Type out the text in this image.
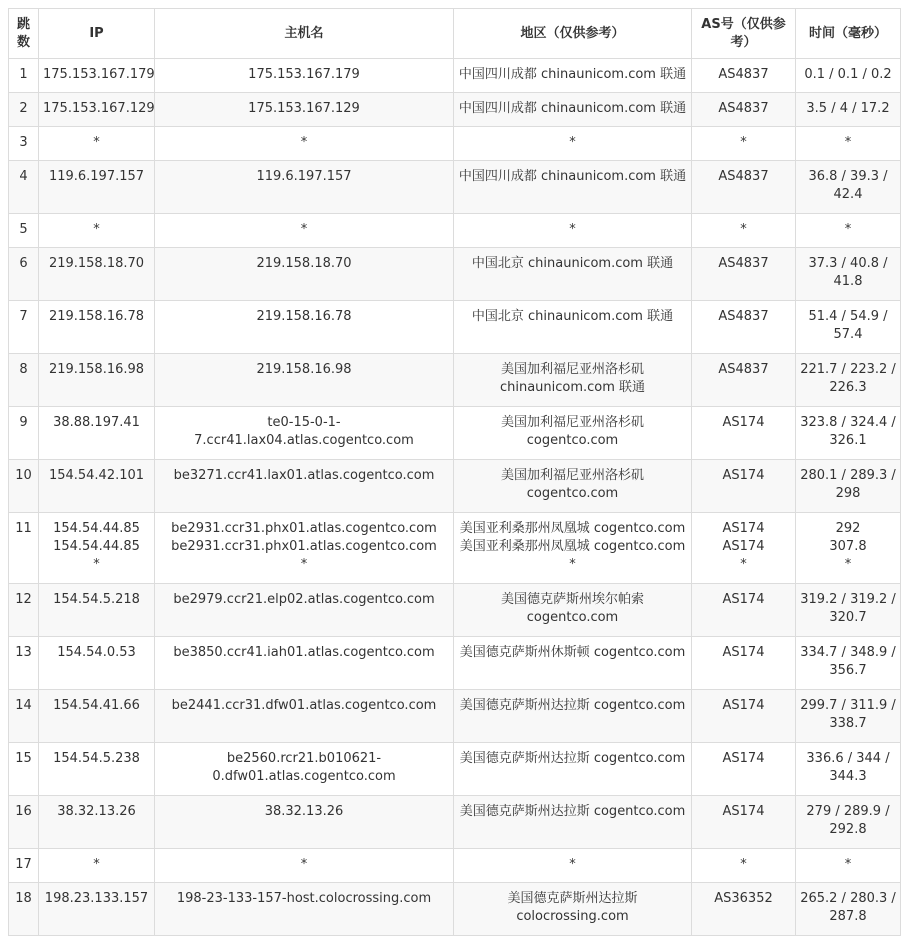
跳数	IP	主机名	地区（仅供参考）	AS号（仅供参考）	时间（毫秒）
1	175.153.167.179	175.153.167.179	中国四川成都 chinaunicom.com 联通	AS4837	0.1 / 0.1 / 0.2

2	175.153.167.129	175.153.167.129	中国四川成都 chinaunicom.com 联通	AS4837	3.5 / 4 / 17.2

3	*	*	*	*	*

4	119.6.197.157	119.6.197.157	中国四川成都 chinaunicom.com 联通	AS4837	36.8 / 39.3 /
42.4

5	*	*	*	*	*

6	219.158.18.70	219.158.18.70	中国北京 chinaunicom.com 联通	AS4837	37.3 / 40.8 /
41.8

7	219.158.16.78	219.158.16.78	中国北京 chinaunicom.com 联通	AS4837	51.4 / 54.9 /
57.4

8	219.158.16.98	219.158.16.98	美国加利福尼亚州洛杉矶
chinaunicom.com 联通	AS4837	221.7 / 223.2 /
226.3

9	38.88.197.41	te0-15-0-1-7.ccr41.lax04.atlas.cogentco.com	美国加利福尼亚州洛杉矶
cogentco.com	AS174	323.8 / 324.4 /
326.1

10	154.54.42.101	be3271.ccr41.lax01.atlas.cogentco.com	美国加利福尼亚州洛杉矶
cogentco.com	AS174	280.1 / 289.3 /
298

11	154.54.44.85
154.54.44.85
*	be2931.ccr31.phx01.atlas.cogentco.com
be2931.ccr31.phx01.atlas.cogentco.com
*	美国亚利桑那州凤凰城 cogentco.com
美国亚利桑那州凤凰城 cogentco.com
*	AS174
AS174
*	292
307.8
*

12	154.54.5.218	be2979.ccr21.elp02.atlas.cogentco.com	美国德克萨斯州埃尔帕索
cogentco.com	AS174	319.2 / 319.2 /
320.7

13	154.54.0.53	be3850.ccr41.iah01.atlas.cogentco.com	美国德克萨斯州休斯顿 cogentco.com	AS174	334.7 / 348.9 /
356.7

14	154.54.41.66	be2441.ccr31.dfw01.atlas.cogentco.com	美国德克萨斯州达拉斯 cogentco.com	AS174	299.7 / 311.9 /
338.7

15	154.54.5.238	be2560.rcr21.b010621-
0.dfw01.atlas.cogentco.com	美国德克萨斯州达拉斯 cogentco.com	AS174	336.6 / 344 /
344.3

16	38.32.13.26	38.32.13.26	美国德克萨斯州达拉斯 cogentco.com	AS174	279 / 289.9 /
292.8

17	*	*	*	*	*

18	198.23.133.157	198-23-133-157-host.colocrossing.com	美国德克萨斯州达拉斯
colocrossing.com	AS36352	265.2 / 280.3 /
287.8
